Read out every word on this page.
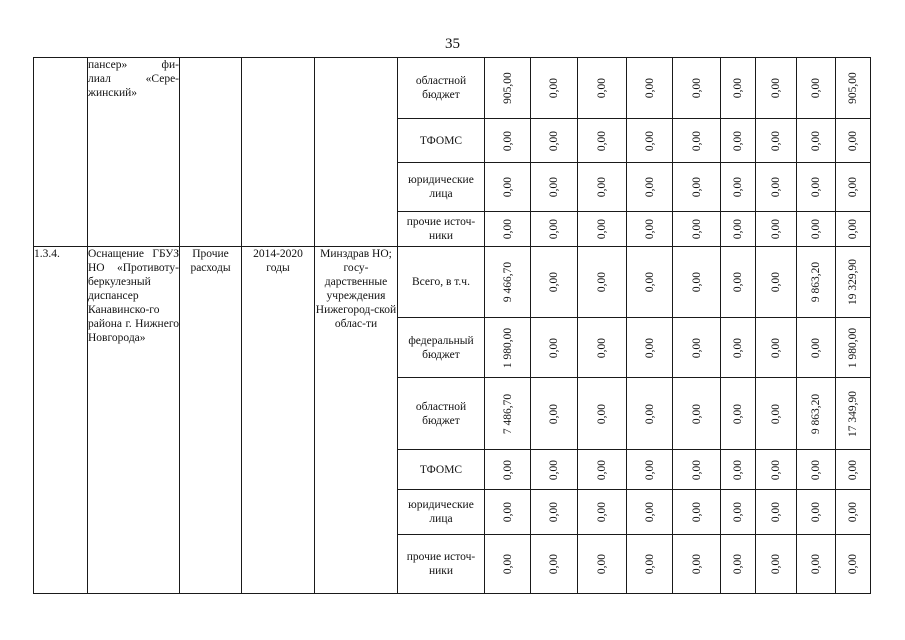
35

	пансер» фи-
лиал «Сере-
жинский»				областной бюджет	905,00	0,00	0,00	0,00	0,00	0,00	0,00	0,00	905,00

					ТФОМС	0,00	0,00	0,00	0,00	0,00	0,00	0,00	0,00	0,00

					юридические лица	0,00	0,00	0,00	0,00	0,00	0,00	0,00	0,00	0,00

					прочие источ-ники	0,00	0,00	0,00	0,00	0,00	0,00	0,00	0,00	0,00

1.3.4.	Оснащение ГБУЗ НО «Противоту-беркулезный диспансер Канавинско-го района г. Нижнего Новгорода»	Прочие расходы	2014-2020 годы	Минздрав НО; госу-дарственные учреждения Нижегород-ской облас-ти	Всего, в т.ч.	9 466,70	0,00	0,00	0,00	0,00	0,00	0,00	9 863,20	19 329,90

					федеральный бюджет	1 980,00	0,00	0,00	0,00	0,00	0,00	0,00	0,00	1 980,00

					областной бюджет	7 486,70	0,00	0,00	0,00	0,00	0,00	0,00	9 863,20	17 349,90

					ТФОМС	0,00	0,00	0,00	0,00	0,00	0,00	0,00	0,00	0,00

					юридические лица	0,00	0,00	0,00	0,00	0,00	0,00	0,00	0,00	0,00

					прочие источ-ники	0,00	0,00	0,00	0,00	0,00	0,00	0,00	0,00	0,00
